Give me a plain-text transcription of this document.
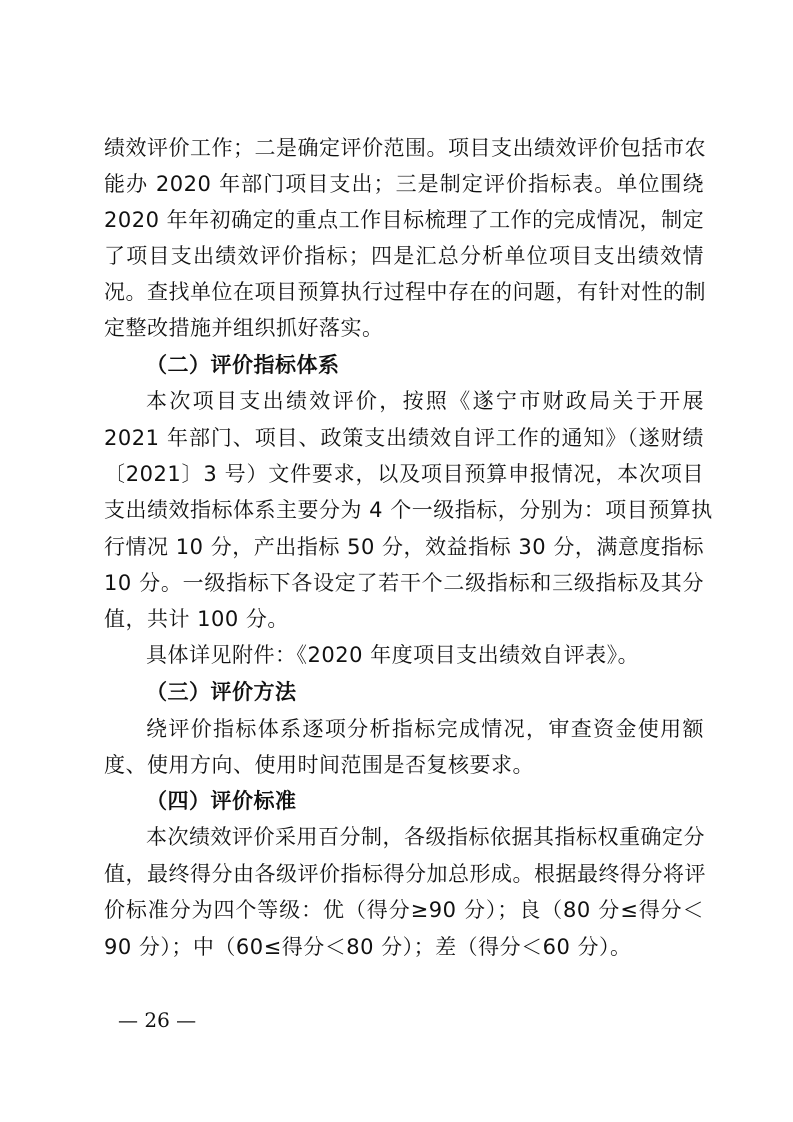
绩效评价工作；二是确定评价范围。项目支出绩效评价包括市农
能办 2020 年部门项目支出；三是制定评价指标表。单位围绕
2020 年年初确定的重点工作目标梳理了工作的完成情况，制定
了项目支出绩效评价指标；四是汇总分析单位项目支出绩效情
况。查找单位在项目预算执行过程中存在的问题，有针对性的制
定整改措施并组织抓好落实。
（二）评价指标体系
本次项目支出绩效评价，按照《遂宁市财政局关于开展
2021 年部门、项目、政策支出绩效自评工作的通知》（遂财绩
〔2021〕3 号）文件要求，以及项目预算申报情况，本次项目
支出绩效指标体系主要分为 4 个一级指标，分别为：项目预算执
行情况 10 分，产出指标 50 分，效益指标 30 分，满意度指标
10 分。一级指标下各设定了若干个二级指标和三级指标及其分
值，共计 100 分。
具体详见附件：《2020 年度项目支出绩效自评表》。
（三）评价方法
绕评价指标体系逐项分析指标完成情况，审查资金使用额
度、使用方向、使用时间范围是否复核要求。
（四）评价标准
本次绩效评价采用百分制，各级指标依据其指标权重确定分
值，最终得分由各级评价指标得分加总形成。根据最终得分将评
价标准分为四个等级：优（得分≥90 分）；良（80 分≤得分＜
90 分）；中（60≤得分＜80 分）；差（得分＜60 分）。
— 26 —
